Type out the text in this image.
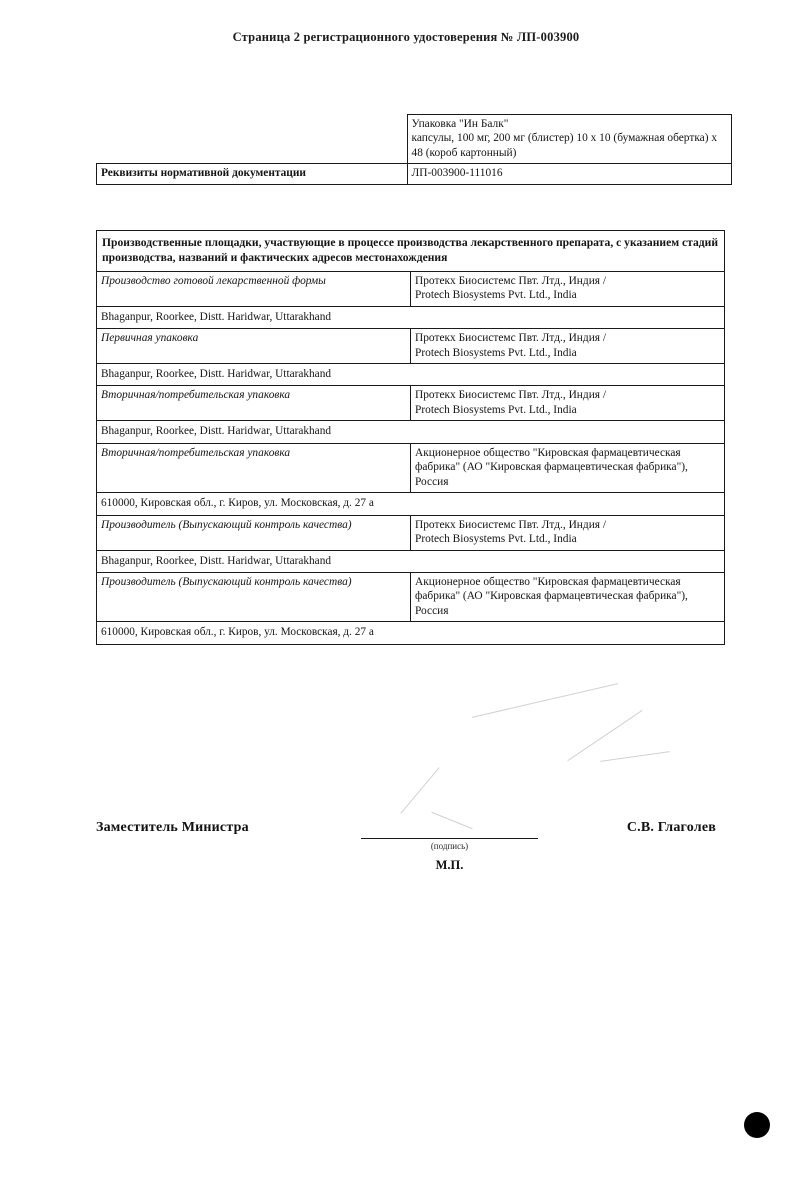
Страница 2 регистрационного удостоверения № ЛП-003900

	Упаковка "Ин Балк"
капсулы, 100 мг, 200 мг (блистер) 10 x 10 (бумажная обертка) x 48 (короб картонный)

Реквизиты нормативной документации	ЛП-003900-111016
Производственные площадки, участвующие в процессе производства лекарственного препарата, с указанием стадий производства, названий и фактических адресов местонахождения	
Производство готовой лекарственной формы	Протекх Биосистемс Пвт. Лтд., Индия /
Protech Biosystems Pvt. Ltd., India

Bhaganpur, Roorkee, Distt. Haridwar, Uttarakhand	
Первичная упаковка	Протекх Биосистемс Пвт. Лтд., Индия /
Protech Biosystems Pvt. Ltd., India

Bhaganpur, Roorkee, Distt. Haridwar, Uttarakhand	
Вторичная/потребительская упаковка	Протекх Биосистемс Пвт. Лтд., Индия /
Protech Biosystems Pvt. Ltd., India

Bhaganpur, Roorkee, Distt. Haridwar, Uttarakhand	
Вторичная/потребительская упаковка	Акционерное общество "Кировская фармацевтическая фабрика" (АО "Кировская фармацевтическая фабрика"),
Россия

610000, Кировская обл., г. Киров, ул. Московская, д. 27 а	
Производитель (Выпускающий контроль качества)	Протекх Биосистемс Пвт. Лтд., Индия /
Protech Biosystems Pvt. Ltd., India

Bhaganpur, Roorkee, Distt. Haridwar, Uttarakhand	
Производитель (Выпускающий контроль качества)	Акционерное общество "Кировская фармацевтическая фабрика" (АО "Кировская фармацевтическая фабрика"),
Россия

610000, Кировская обл., г. Киров, ул. Московская, д. 27 а	
Заместитель Министра
(подпись)
М.П.
С.В. Глаголев
